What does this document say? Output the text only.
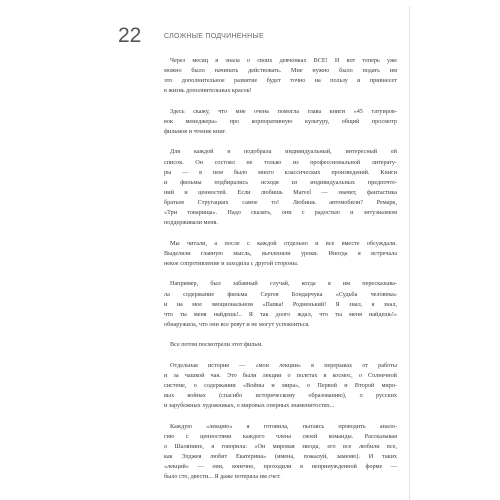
22	СЛОЖНЫЕ ПОДЧИНЕННЫЕ
Через месяц я знала о своих девчонках ВСЕ! И вот теперь уже
можно было начинать действовать. Мне нужно было подать им
это дополнительное развитие будет точно на пользу и привнесет
в жизнь дополнительных красок!
Здесь скажу, что мне очень помогла глава книги «45 татуиров-
вок менеджера» про корпоративную культуру, общий просмотр
фильмов и чтение книг.
Для каждой я подобрала индивидуальный, интересный ей
список. Он состоял не только из профессиональной литерату-
ры — в нем было много классических произведений. Книги
и фильмы подбирались исходя из индивидуальных предпочте-
ний и ценностей. Если любишь Marvel — значит, фантастика
братьев Стругацких самое то! Любишь автомобили? Ремарк,
«Три товарища». Надо сказать, они с радостью и энтузиазмом
поддерживали меня.
Мы читали, а после с каждой отдельно и все вместе обсуждали.
Выделяли главную мысль, вычленяли уроки. Иногда я встречала
некое сопротивление и заходила с другой стороны.
Например, был забавный случай, когда я им пересказыва-
ла содержание фильма Сергея Бондарчука «Судьба человека»
и на мое эмоциональном «Папка! Родненький! Я знал, я знал,
что ты меня найдешь!.. Я так долго ждал, что ты меня найдешь!»
обнаружила, что они все ревут и не могут успокоиться.
Все потом посмотрели этот фильм.
Отдельная история — «мои лекции» в перерывах от работы
и за чашкой чая. Это были лекции о полетах в космос, о Солнечной
системе, о содержании «Войны и мира», о Первой и Второй миро-
вых войнах (спасибо историческому образованию), о русских
и зарубежных художниках, о мировых оперных знаменитостях...
Каждую «лекцию» я готовила, пытаясь проводить анало-
гию с ценностями каждого члена своей команды. Рассказывая
о Шаляпине, я говорила: «Он мировая звезда, его все любили все,
как Элджея любит Екатерина» (имена, пожалуй, заменю). И таких
«лекций» — они, конечно, проходили в непринужденной форме —
было сто, двести... Я даже потеряла им счет.
